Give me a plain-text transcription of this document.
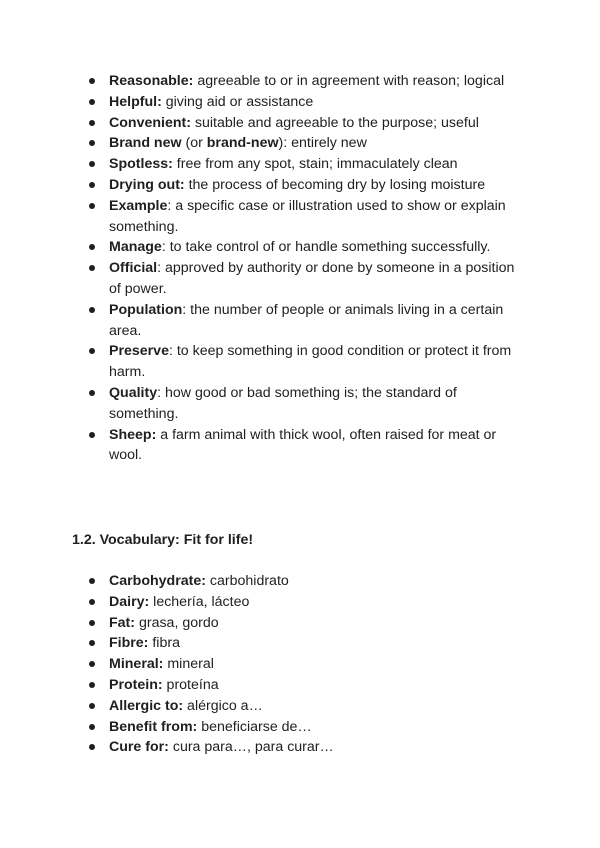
Reasonable: agreeable to or in agreement with reason; logical
Helpful: giving aid or assistance
Convenient: suitable and agreeable to the purpose; useful
Brand new (or brand-new): entirely new
Spotless: free from any spot, stain; immaculately clean
Drying out: the process of becoming dry by losing moisture
Example: a specific case or illustration used to show or explain something.
Manage: to take control of or handle something successfully.
Official: approved by authority or done by someone in a position of power.
Population: the number of people or animals living in a certain area.
Preserve: to keep something in good condition or protect it from harm.
Quality: how good or bad something is; the standard of something.
Sheep: a farm animal with thick wool, often raised for meat or wool.
1.2. Vocabulary: Fit for life!
Carbohydrate: carbohidrato
Dairy: lechería, lácteo
Fat: grasa, gordo
Fibre: fibra
Mineral: mineral
Protein: proteína
Allergic to: alérgico a…
Benefit from: beneficiarse de…
Cure for: cura para…, para curar…
